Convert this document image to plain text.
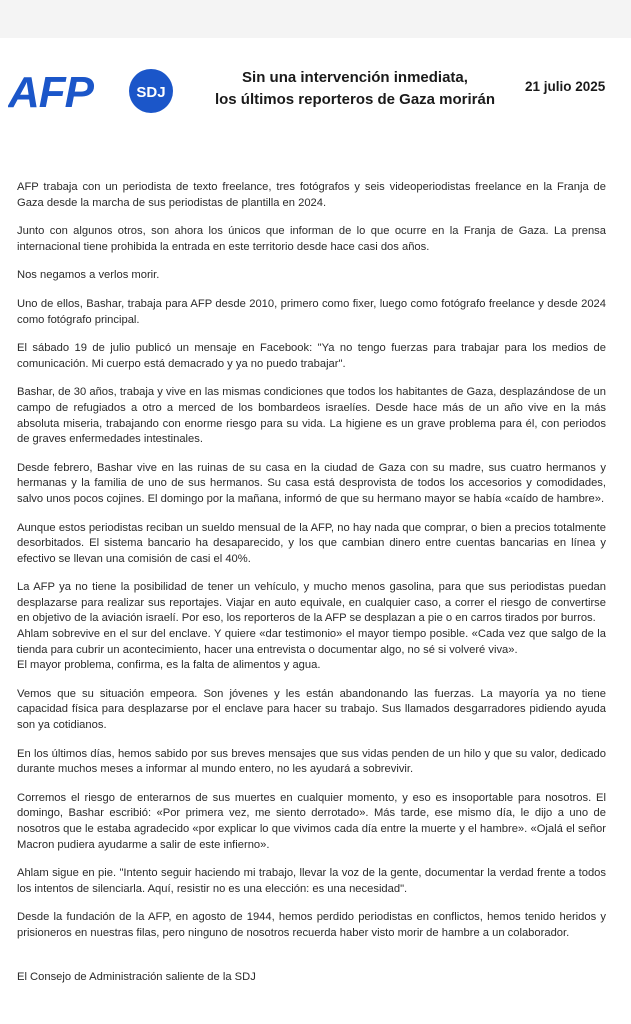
AFP	SDJ
Sin una intervención inmediata,
los últimos reporteros de Gaza morirán
21 julio 2025

AFP trabaja con un periodista de texto freelance, tres fotógrafos y seis videoperiodistas freelance en la Franja de Gaza desde la marcha de sus periodistas de plantilla en 2024.

Junto con algunos otros, son ahora los únicos que informan de lo que ocurre en la Franja de Gaza. La prensa internacional tiene prohibida la entrada en este territorio desde hace casi dos años.

Nos negamos a verlos morir.

Uno de ellos, Bashar, trabaja para AFP desde 2010, primero como fixer, luego como fotógrafo freelance y desde 2024 como fotógrafo principal.

El sábado 19 de julio publicó un mensaje en Facebook: "Ya no tengo fuerzas para trabajar para los medios de comunicación. Mi cuerpo está demacrado y ya no puedo trabajar".

Bashar, de 30 años, trabaja y vive en las mismas condiciones que todos los habitantes de Gaza, desplazándose de un campo de refugiados a otro a merced de los bombardeos israelíes. Desde hace más de un año vive en la más absoluta miseria, trabajando con enorme riesgo para su vida. La higiene es un grave problema para él, con periodos de graves enfermedades intestinales.

Desde febrero, Bashar vive en las ruinas de su casa en la ciudad de Gaza con su madre, sus cuatro hermanos y hermanas y la familia de uno de sus hermanos. Su casa está desprovista de todos los accesorios y comodidades, salvo unos pocos cojines. El domingo por la mañana, informó de que su hermano mayor se había «caído de hambre».

Aunque estos periodistas reciban un sueldo mensual de la AFP, no hay nada que comprar, o bien a precios totalmente desorbitados. El sistema bancario ha desaparecido, y los que cambian dinero entre cuentas bancarias en línea y efectivo se llevan una comisión de casi el 40%.

La AFP ya no tiene la posibilidad de tener un vehículo, y mucho menos gasolina, para que sus periodistas puedan desplazarse para realizar sus reportajes. Viajar en auto equivale, en cualquier caso, a correr el riesgo de convertirse en objetivo de la aviación israelí. Por eso, los reporteros de la AFP se desplazan a pie o en carros tirados por burros.

Ahlam sobrevive en el sur del enclave. Y quiere «dar testimonio» el mayor tiempo posible. «Cada vez que salgo de la tienda para cubrir un acontecimiento, hacer una entrevista o documentar algo, no sé si volveré viva».

El mayor problema, confirma, es la falta de alimentos y agua.

Vemos que su situación empeora. Son jóvenes y les están abandonando las fuerzas. La mayoría ya no tiene capacidad física para desplazarse por el enclave para hacer su trabajo. Sus llamados desgarradores pidiendo ayuda son ya cotidianos.

En los últimos días, hemos sabido por sus breves mensajes que sus vidas penden de un hilo y que su valor, dedicado durante muchos meses a informar al mundo entero, no les ayudará a sobrevivir.

Corremos el riesgo de enterarnos de sus muertes en cualquier momento, y eso es insoportable para nosotros. El domingo, Bashar escribió: «Por primera vez, me siento derrotado». Más tarde, ese mismo día, le dijo a uno de nosotros que le estaba agradecido «por explicar lo que vivimos cada día entre la muerte y el hambre». «Ojalá el señor Macron pudiera ayudarme a salir de este infierno».

Ahlam sigue en pie. "Intento seguir haciendo mi trabajo, llevar la voz de la gente, documentar la verdad frente a todos los intentos de silenciarla. Aquí, resistir no es una elección: es una necesidad".

Desde la fundación de la AFP, en agosto de 1944, hemos perdido periodistas en conflictos, hemos tenido heridos y prisioneros en nuestras filas, pero ninguno de nosotros recuerda haber visto morir de hambre a un colaborador.

El Consejo de Administración saliente de la SDJ
